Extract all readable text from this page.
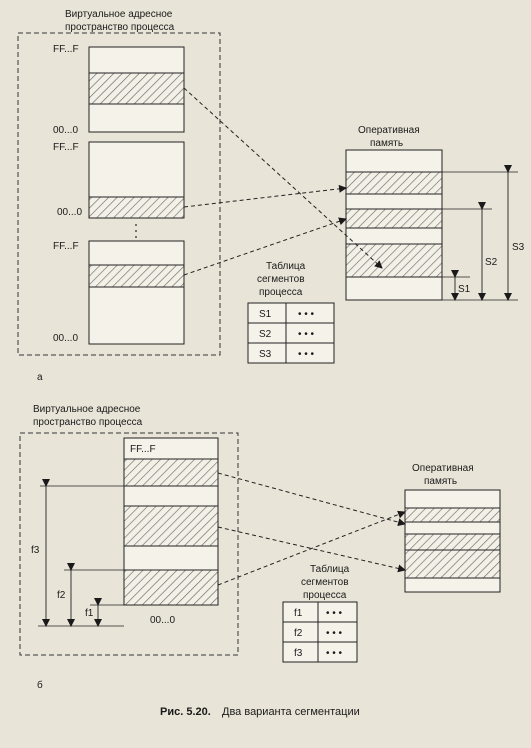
Виртуальное адресное
пространство процесса
FF...F
00...0
FF...F
00...0
FF...F
00...0
а
Оперативная
память
S3
S2
S1
Таблица
сегментов
процесса
S1	• • •
S2	• • •
S3	• • •
Виртуальное адресное
пространство процесса
FF...F
00...0
f3
f2
f1
б
Оперативная
память
Таблица
сегментов
процесса
f1 • • •
f2 • • •
f3 • • •
Рис. 5.20. Два варианта сегментации
